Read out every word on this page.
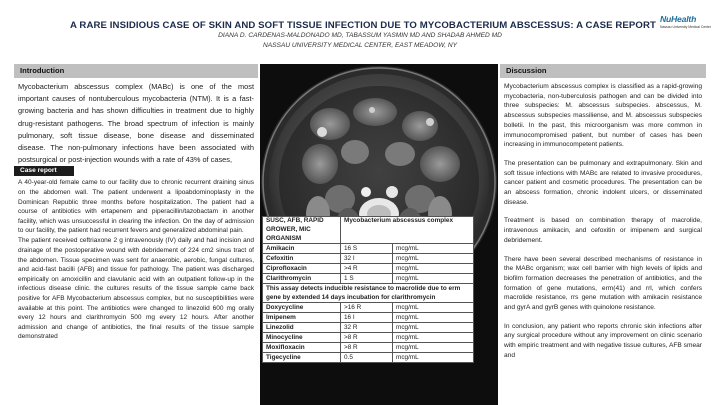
A RARE INSIDIOUS CASE OF SKIN AND SOFT TISSUE INFECTION DUE TO MYCOBACTERIUM ABSCESSUS: A CASE REPORT
DIANA D. CARDENAS-MALDONADO MD, TABASSUM YASMIN MD AND SHADAB AHMED MD
NASSAU UNIVERSITY MEDICAL CENTER, EAST MEADOW, NY
NuHealth
Nassau University Medical Center
Introduction
Mycobacterium abscessus complex (MABc) is one of the most important causes of nontuberculous mycobacteria (NTM). It is a fast-growing bacteria and has shown difficulties in treatment due to highly drug-resistant pathogens. The broad spectrum of infection is mainly pulmonary, soft tissue disease, bone disease and disseminated disease. The non-pulmonary infections have been associated with postsurgical or post-injection wounds with a rate of 43% of cases,
Case report

A 40-year-old female came to our facility due to chronic recurrent draining sinus on the abdomen wall. The patient underwent a lipoabdominoplasty in the Dominican Republic three months before hospitalization. The patient had a course of antibiotics with ertapenem and piperacillin/tazobactam in another facility, which was unsuccessful in clearing the infection. On the day of admission to our facility, the patient had recurrent fevers and generalized abdominal pain.

The patient received ceftriaxone 2 g intravenously (IV) daily and had incision and drainage of the postoperative wound with debridement of 224 cm2 sinus tract of the abdomen. Tissue specimen was sent for anaerobic, aerobic, fungal cultures, and acid-fast bacilli (AFB) and tissue for pathology. The patient was discharged empirically on amoxicillin and clavulanic acid with an outpatient follow-up in the infectious disease clinic. the cultures results of the tissue sample came back positive for AFB Mycobacterium abscessus complex, but no susceptibilities were available at this point. The antibiotics were changed to linezolid 600 mg orally every 12 hours and clarithromycin 500 mg every 12 hours. After another admission and change of antibiotics, the final results of the tissue sample demonstrated

SUSC, AFB, RAPID GROWER, MIC ORGANISM	Mycobacterium abscessus complex	
Amikacin	16 S	mcg/mL
Cefoxitin	32 I	mcg/mL
Ciprofloxacin	>4 R	mcg/mL
Clarithromycin	1 S	mcg/mL
This assay detects inducible resistance to macrolide due to erm gene by extended 14 days incubation for clarithromycin		
Doxycycline	>16 R	mcg/mL
Imipenem	16 I	mcg/mL
Linezolid	32 R	mcg/mL
Minocycline	>8 R	mcg/mL
Moxifloxacin	>8 R	mcg/mL
Tigecycline	0.5	mcg/mL
Discussion

Mycobacterium abscessus complex is classified as a rapid-growing mycobacteria, non-tuberculosis pathogen and can be divided into three subspecies: M. abscessus subspecies. abscessus, M. abscessus subspecies massiliense, and M. abscessus subspecies bolletii. In the past, this microorganism was more common in immunocompromised patient, but number of cases has been increasing in immunocompetent patients.

The presentation can be pulmonary and extrapulmonary. Skin and soft tissue infections with MABc are related to invasive procedures, cancer patient and cosmetic procedures. The presentation can be an abscess formation, chronic indolent ulcers, or disseminated disease.

Treatment is based on combination therapy of macrolide, intravenous amikacin, and cefoxitin or imipenem and surgical debridement.

There have been several described mechanisms of resistance in the MABc organism; wax cell barrier with high levels of lipids and biofilm formation decreases the penetration of antibiotics, and the formation of gene mutations, erm(41) and rrl, which confers macrolide resistance, rrs gene mutation with amikacin resistance and gyrA and gyrB genes with quinolone resistance.

In conclusion, any patient who reports chronic skin infections after any surgical procedure without any improvement on clinic scenario with empiric treatment and with negative tissue cultures, AFB smear and
